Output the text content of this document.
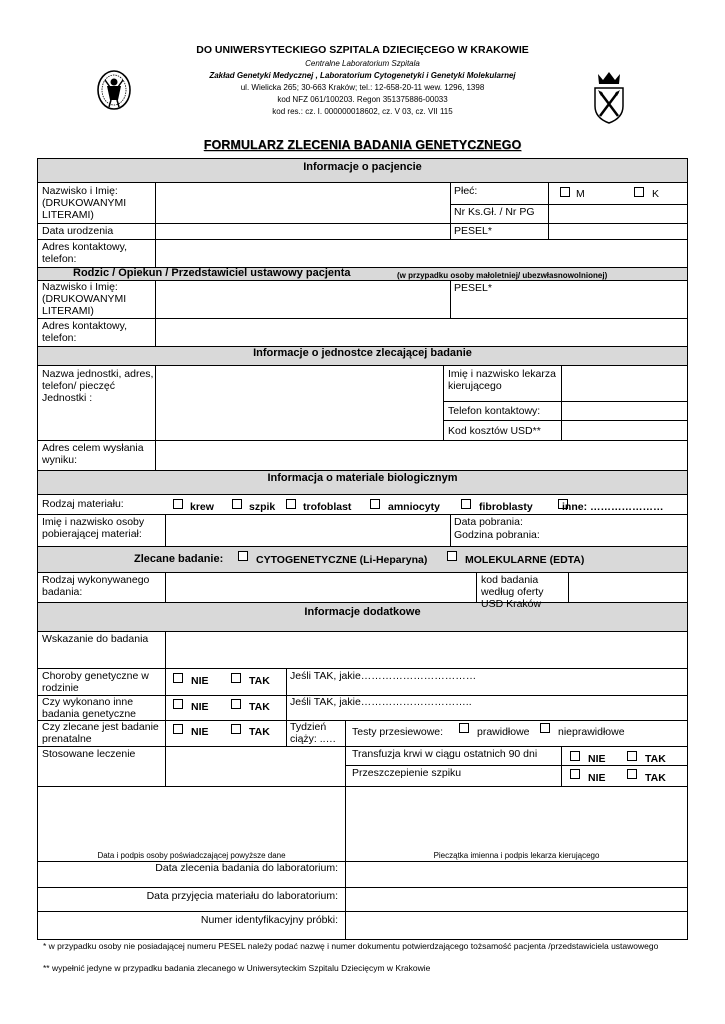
DO UNIWERSYTECKIEGO SZPITALA DZIECIĘCEGO W KRAKOWIE
Centralne Laboratorium Szpitala
Zakład Genetyki Medycznej , Laboratorium Cytogenetyki i Genetyki Molekularnej
ul. Wielicka 265; 30-663 Kraków; tel.: 12-658-20-11 wew. 1296, 1398
kod NFZ 061/100203. Regon 351375886-00033
kod res.: cz. I. 000000018602, cz. V 03, cz. VII 115
FORMULARZ ZLECENIA BADANIA GENETYCZNEGO
Informacje o pacjencie
Nazwisko i Imię: (DRUKOWANYMI LITERAMI)
Płeć:	M	K
Nr Ks.Gł. / Nr PG
Data urodzenia	PESEL*
Adres kontaktowy, telefon:
Rodzic / Opiekun / Przedstawiciel ustawowy pacjenta	(w przypadku osoby małoletniej/ ubezwłasnowolnionej)
Nazwisko i Imię: (DRUKOWANYMI LITERAMI)
PESEL*
Adres kontaktowy, telefon:
Informacje o jednostce zlecającej badanie
Nazwa jednostki, adres, telefon/ pieczęć Jednostki :
Imię i nazwisko lekarza kierującego
Telefon kontaktowy:
Kod kosztów USD**
Adres celem wysłania wyniku:
Informacja o materiale biologicznym
Rodzaj materiału:	krew	szpik	trofoblast	amniocyty	fibroblasty	inne: …………………
Imię i nazwisko osoby pobierającej materiał:
Data pobrania:
Godzina pobrania:
Zlecane badanie:	CYTOGENETYCZNE (Li-Heparyna)	MOLEKULARNE (EDTA)
Rodzaj wykonywanego badania:
kod badania według oferty USD Kraków
Informacje dodatkowe
Wskazanie do badania
Choroby genetyczne w rodzinie
NIE	TAK Jeśli TAK, jakie……………………………
Czy wykonano inne badania genetyczne
NIE	TAK Jeśli TAK, jakie…………………………..
Czy zlecane jest badanie prenatalne
NIE	TAK Tydzień ciąży: ..…
Testy przesiewowe:	prawidłowe	nieprawidłowe
Stosowane leczenie	Transfuzja krwi w ciągu ostatnich 90 dni	NIE	TAK
Przeszczepienie szpiku	NIE	TAK
Data i podpis osoby poświadczającej powyższe dane	Pieczątka imienna i podpis lekarza kierującego
Data zlecenia badania do laboratorium:
Data przyjęcia materiału do laboratorium:
Numer identyfikacyjny próbki:
* w przypadku osoby nie posiadającej numeru PESEL należy podać nazwę i numer dokumentu potwierdzającego tożsamość pacjenta /przedstawiciela ustawowego
** wypełnić jedyne w przypadku badania zlecanego w Uniwersyteckim Szpitalu Dziecięcym w Krakowie
